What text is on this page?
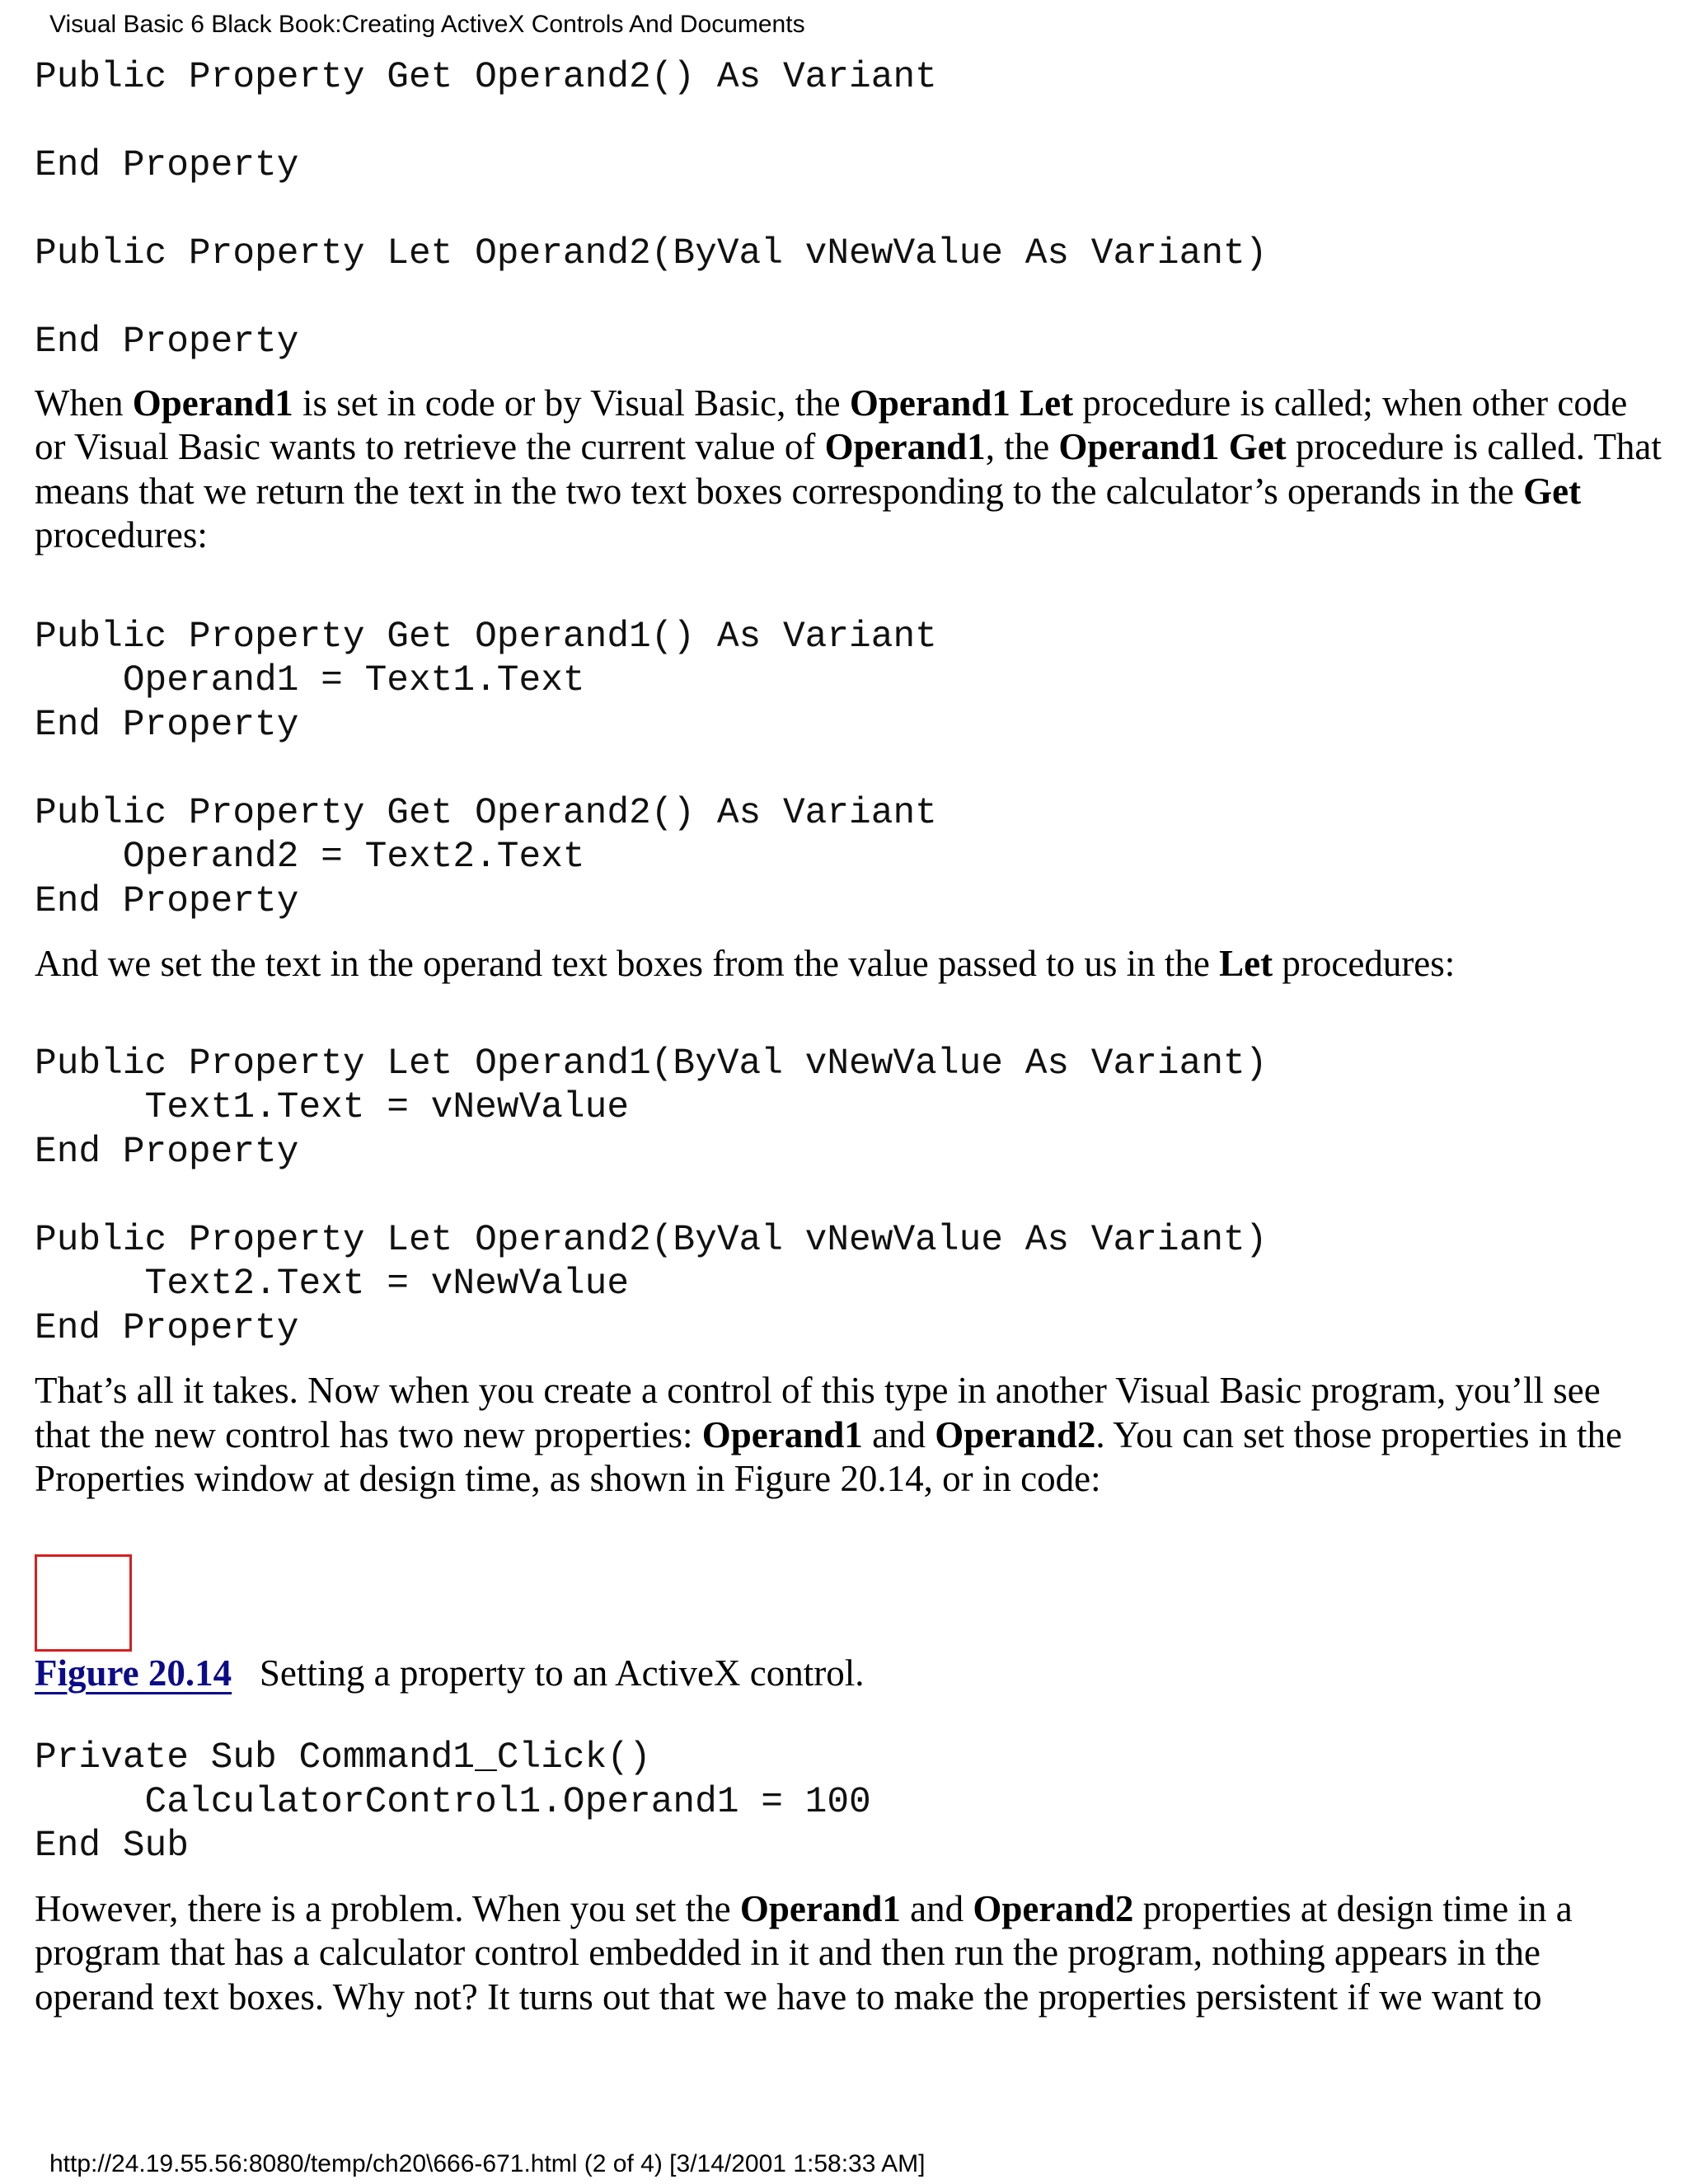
Visual Basic 6 Black Book:Creating ActiveX Controls And Documents
Public Property Get Operand2() As Variant

End Property

Public Property Let Operand2(ByVal vNewValue As Variant)

End Property

When Operand1 is set in code or by Visual Basic, the Operand1 Let procedure is called; when other code or Visual Basic wants to retrieve the current value of Operand1, the Operand1 Get procedure is called. That means that we return the text in the two text boxes corresponding to the calculator’s operands in the Get procedures:

Public Property Get Operand1() As Variant
Operand1 = Text1.Text
End Property

Public Property Get Operand2() As Variant
Operand2 = Text2.Text
End Property

And we set the text in the operand text boxes from the value passed to us in the Let procedures:

Public Property Let Operand1(ByVal vNewValue As Variant)
Text1.Text = vNewValue
End Property

Public Property Let Operand2(ByVal vNewValue As Variant)
Text2.Text = vNewValue
End Property

That’s all it takes. Now when you create a control of this type in another Visual Basic program, you’ll see that the new control has two new properties: Operand1 and Operand2. You can set those properties in the Properties window at design time, as shown in Figure 20.14, or in code:

Figure 20.14 Setting a property to an ActiveX control.

Private Sub Command1_Click()
CalculatorControl1.Operand1 = 100
End Sub

However, there is a problem. When you set the Operand1 and Operand2 properties at design time in a program that has a calculator control embedded in it and then run the program, nothing appears in the operand text boxes. Why not? It turns out that we have to make the properties persistent if we want to

http://24.19.55.56:8080/temp/ch20\666-671.html (2 of 4) [3/14/2001 1:58:33 AM]
